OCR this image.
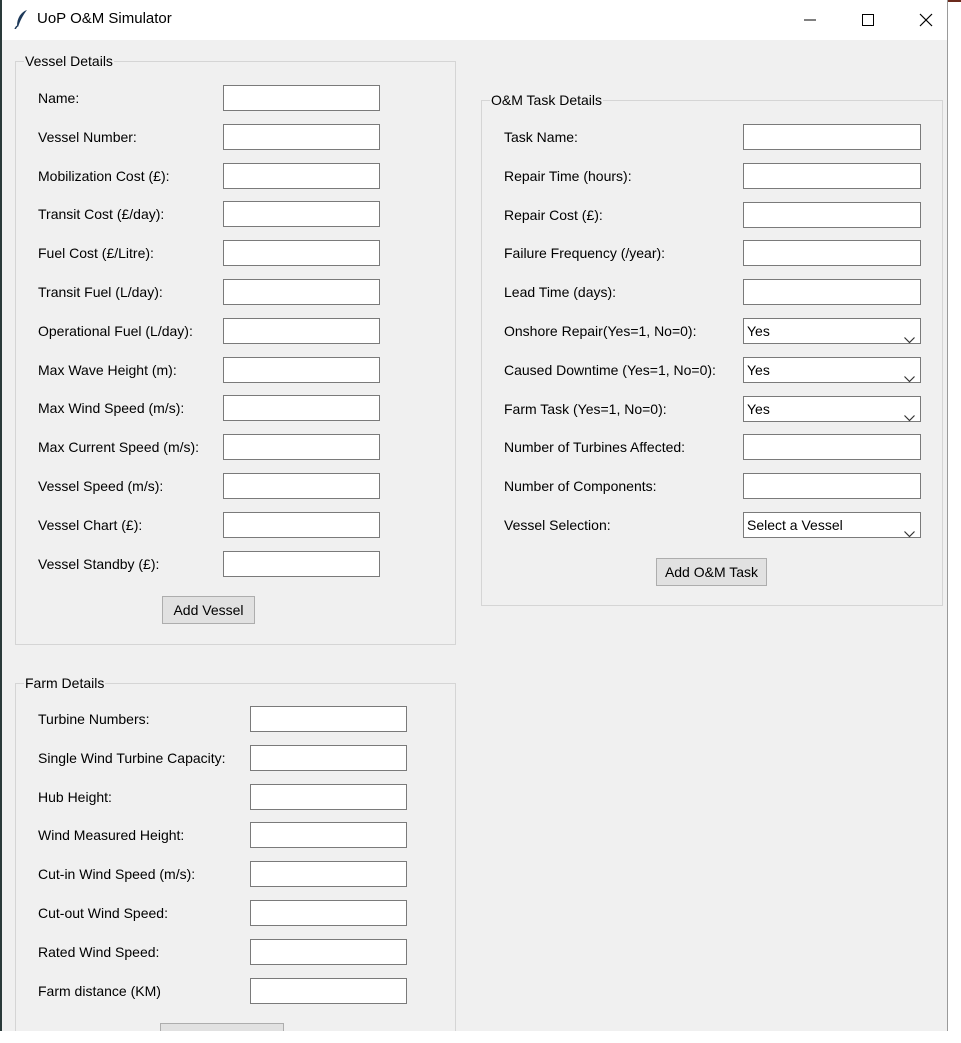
UoP O&M Simulator
Vessel Details
Name:
Vessel Number:
Mobilization Cost (£):
Transit Cost (£/day):
Fuel Cost (£/Litre):
Transit Fuel (L/day):
Operational Fuel (L/day):
Max Wave Height (m):
Max Wind Speed (m/s):
Max Current Speed (m/s):
Vessel Speed (m/s):
Vessel Chart (£):
Vessel Standby (£):
Add Vessel
O&M Task Details
Task Name:
Repair Time (hours):
Repair Cost (£):
Failure Frequency (/year):
Lead Time (days):
Onshore Repair(Yes=1, No=0):	Yes
Caused Downtime (Yes=1, No=0): Yes
Farm Task (Yes=1, No=0):	Yes
Number of Turbines Affected:
Number of Components:
Vessel Selection:	Select a Vessel
Add O&M Task
Farm Details
Turbine Numbers:
Single Wind Turbine Capacity:
Hub Height:
Wind Measured Height:
Cut-in Wind Speed (m/s):
Cut-out Wind Speed:
Rated Wind Speed:
Farm distance (KM)
